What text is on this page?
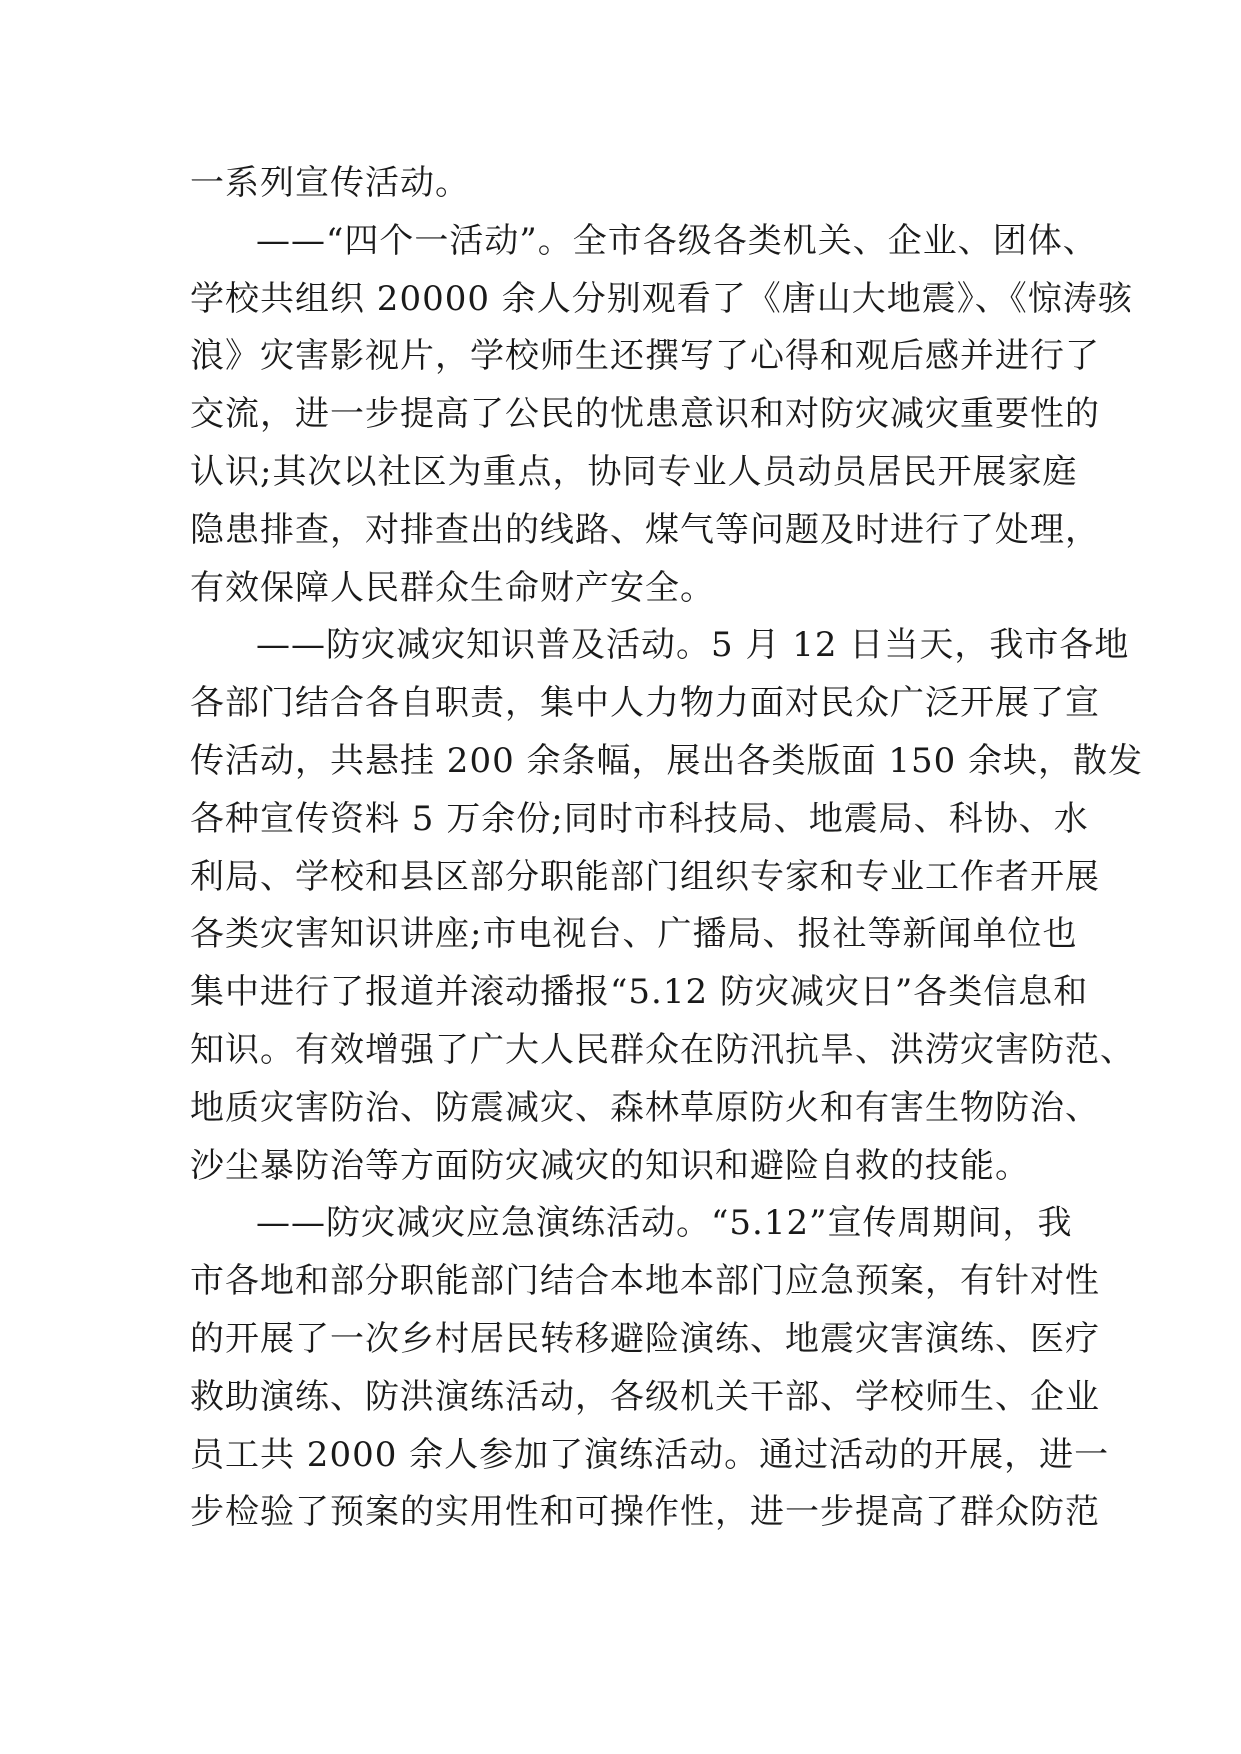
一系列宣传活动。
——“四个一活动”。全市各级各类机关、企业、团体、
学校共组织 20000 余人分别观看了《唐山大地震》、《惊涛骇
浪》灾害影视片，学校师生还撰写了心得和观后感并进行了
交流，进一步提高了公民的忧患意识和对防灾减灾重要性的
认识;其次以社区为重点，协同专业人员动员居民开展家庭
隐患排查，对排查出的线路、煤气等问题及时进行了处理，
有效保障人民群众生命财产安全。
——防灾减灾知识普及活动。5 月 12 日当天，我市各地
各部门结合各自职责，集中人力物力面对民众广泛开展了宣
传活动，共悬挂 200 余条幅，展出各类版面 150 余块，散发
各种宣传资料 5 万余份;同时市科技局、地震局、科协、水
利局、学校和县区部分职能部门组织专家和专业工作者开展
各类灾害知识讲座;市电视台、广播局、报社等新闻单位也
集中进行了报道并滚动播报“5.12 防灾减灾日”各类信息和
知识。有效增强了广大人民群众在防汛抗旱、洪涝灾害防范、
地质灾害防治、防震减灾、森林草原防火和有害生物防治、
沙尘暴防治等方面防灾减灾的知识和避险自救的技能。
——防灾减灾应急演练活动。“5.12”宣传周期间，我
市各地和部分职能部门结合本地本部门应急预案，有针对性
的开展了一次乡村居民转移避险演练、地震灾害演练、医疗
救助演练、防洪演练活动，各级机关干部、学校师生、企业
员工共 2000 余人参加了演练活动。通过活动的开展，进一
步检验了预案的实用性和可操作性，进一步提高了群众防范
